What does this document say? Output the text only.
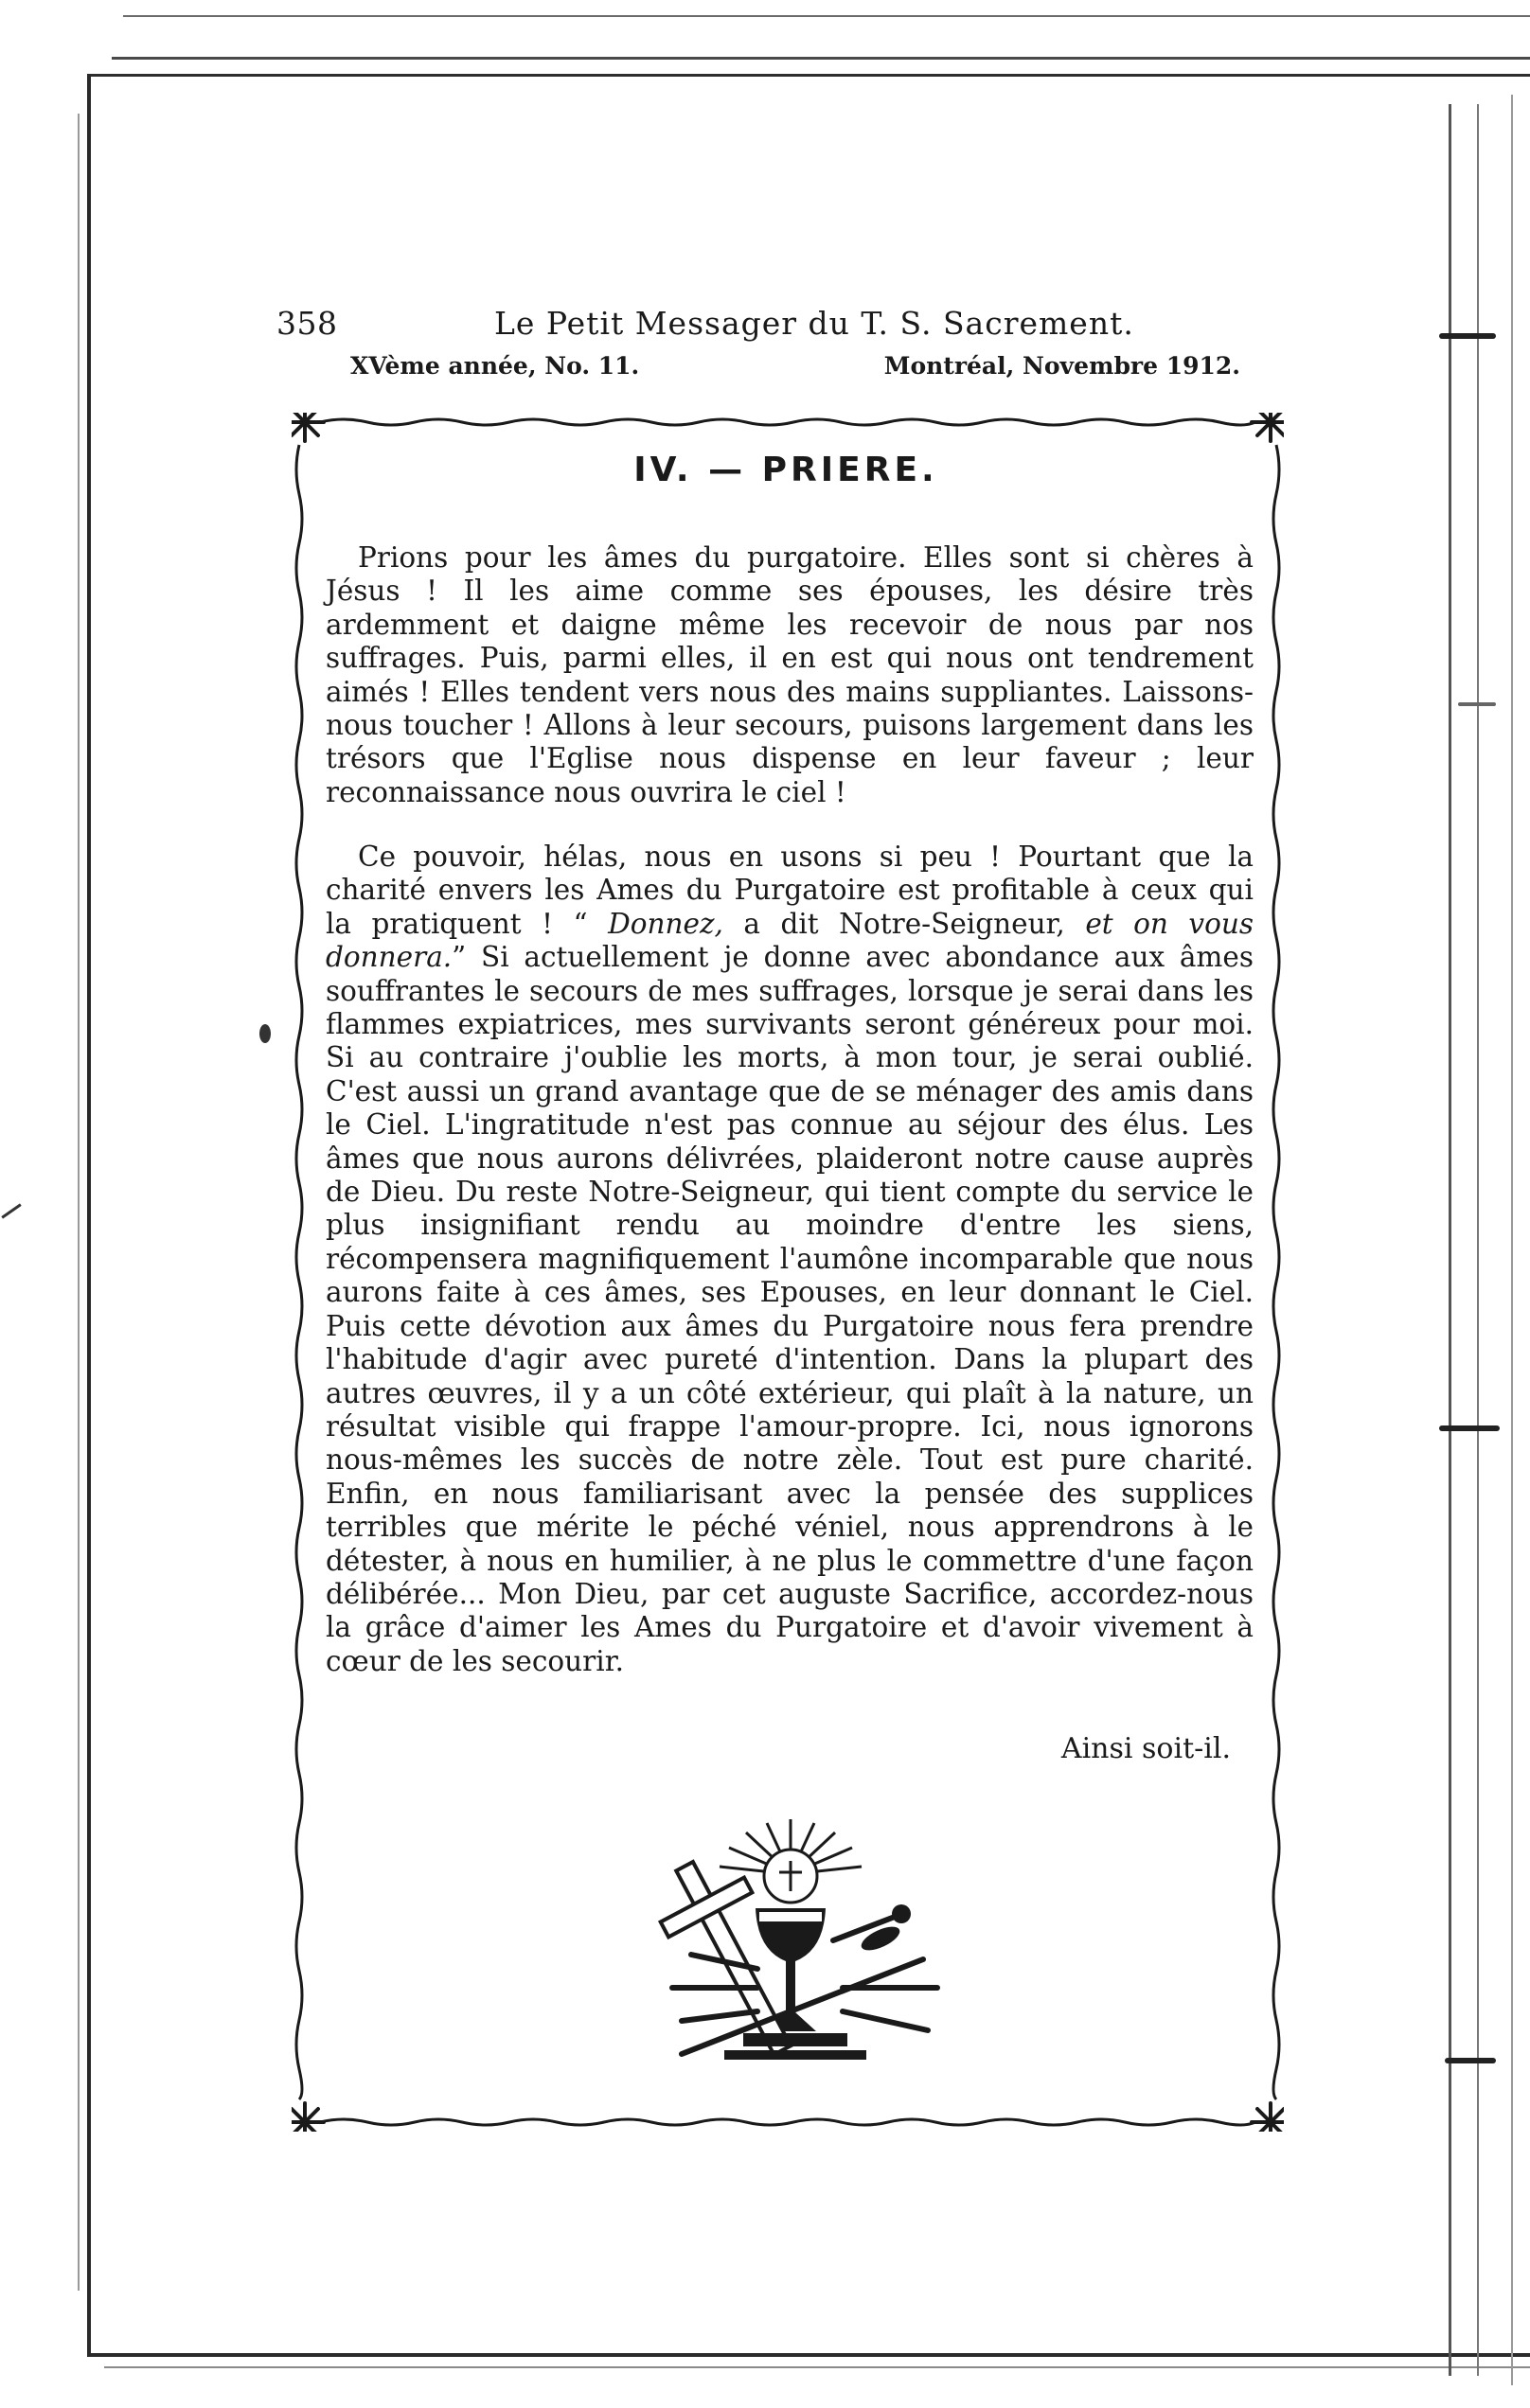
358	Le Petit Messager du T. S. Sacrement.
XVème année, No. 11.	Montréal, Novembre 1912.
IV. — PRIERE.

Prions pour les âmes du purgatoire. Elles sont si chères à Jésus ! Il les aime comme ses épouses, les désire très ardemment et daigne même les recevoir de nous par nos suffrages. Puis, parmi elles, il en est qui nous ont tendrement aimés ! Elles tendent vers nous des mains suppliantes. Laissons-nous toucher ! Allons à leur secours, puisons largement dans les trésors que l'Eglise nous dispense en leur faveur ; leur reconnaissance nous ouvrira le ciel !

Ce pouvoir, hélas, nous en usons si peu ! Pourtant que la charité envers les Ames du Purgatoire est profitable à ceux qui la pratiquent ! “ Donnez, a dit Notre-Seigneur, et on vous donnera.” Si actuellement je donne avec abondance aux âmes souffrantes le secours de mes suffrages, lorsque je serai dans les flammes expiatrices, mes survivants seront généreux pour moi. Si au contraire j'oublie les morts, à mon tour, je serai oublié. C'est aussi un grand avantage que de se ménager des amis dans le Ciel. L'ingratitude n'est pas connue au séjour des élus. Les âmes que nous aurons délivrées, plaideront notre cause auprès de Dieu. Du reste Notre-Seigneur, qui tient compte du service le plus insignifiant rendu au moindre d'entre les siens, récompensera magnifiquement l'aumône incomparable que nous aurons faite à ces âmes, ses Epouses, en leur donnant le Ciel. Puis cette dévotion aux âmes du Purgatoire nous fera prendre l'habitude d'agir avec pureté d'intention. Dans la plupart des autres œuvres, il y a un côté extérieur, qui plaît à la nature, un résultat visible qui frappe l'amour-propre. Ici, nous ignorons nous-mêmes les succès de notre zèle. Tout est pure charité. Enfin, en nous familiarisant avec la pensée des supplices terribles que mérite le péché véniel, nous apprendrons à le détester, à nous en humilier, à ne plus le commettre d'une façon délibérée... Mon Dieu, par cet auguste Sacrifice, accordez-nous la grâce d'aimer les Ames du Purgatoire et d'avoir vivement à cœur de les secourir.

Ainsi soit-il.
